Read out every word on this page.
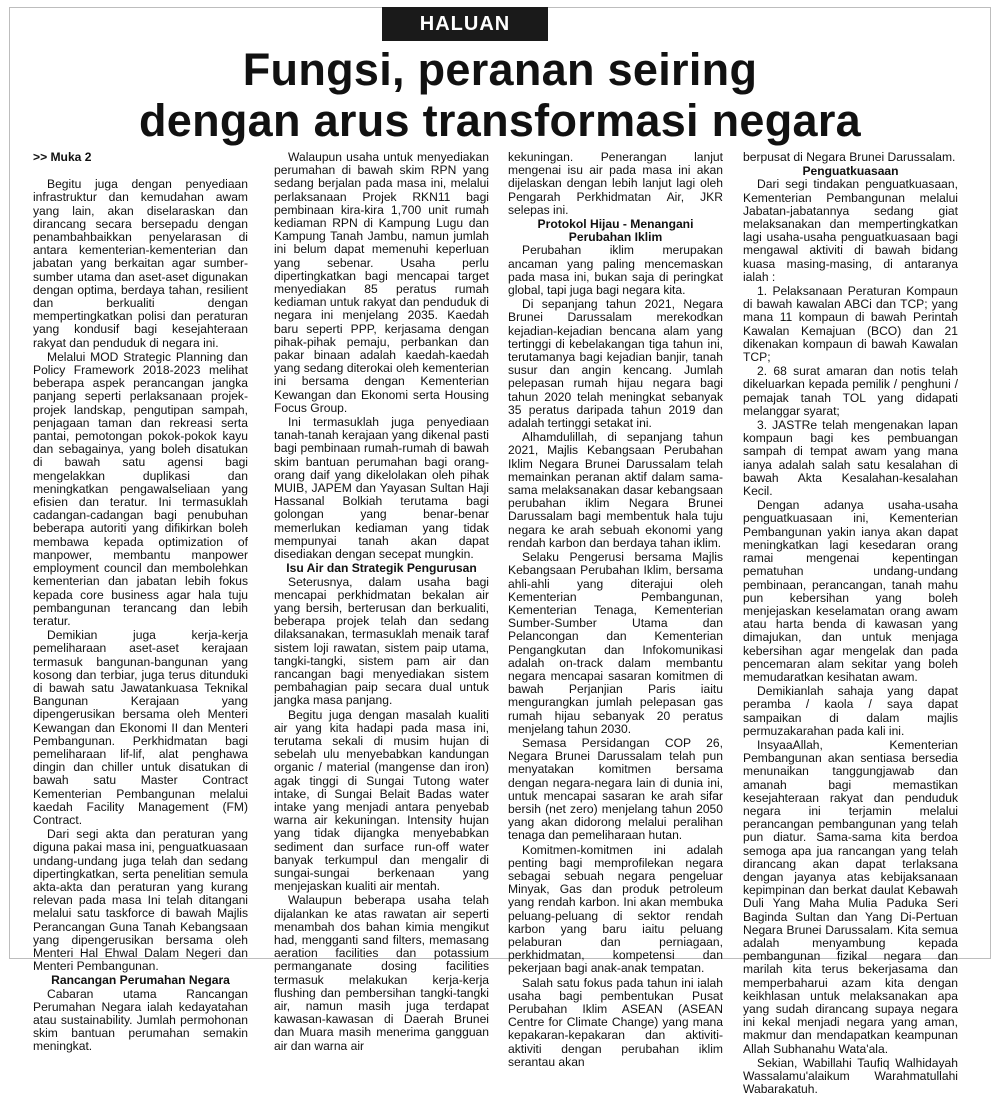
HALUAN
Fungsi, peranan seiring
dengan arus transformasi negara

>> Muka 2

Begitu juga dengan penyediaan infrastruktur dan kemudahan awam yang lain, akan diselaraskan dan dirancang secara bersepadu dengan penambahbaikkan penyelarasan di antara kementerian-kementerian dan jabatan yang berkaitan agar sumber-sumber utama dan aset-aset digunakan dengan optima, berdaya tahan, resilient dan berkualiti dengan mempertingkatkan polisi dan peraturan yang kondusif bagi kesejahteraan rakyat dan penduduk di negara ini.

Melalui MOD Strategic Planning dan Policy Framework 2018-2023 melihat beberapa aspek perancangan jangka panjang seperti perlaksanaan projek-projek landskap, pengutipan sampah, penjagaan taman dan rekreasi serta pantai, pemotongan pokok-pokok kayu dan sebagainya, yang boleh disatukan di bawah satu agensi bagi mengelakkan duplikasi dan meningkatkan pengawalseliaan yang efisien dan teratur. Ini termasuklah cadangan-cadangan bagi penubuhan beberapa autoriti yang difikirkan boleh membawa kepada optimization of manpower, membantu manpower employment council dan membolehkan kementerian dan jabatan lebih fokus kepada core business agar hala tuju pembangunan terancang dan lebih teratur.

Demikian juga kerja-kerja pemeliharaan aset-aset kerajaan termasuk bangunan-bangunan yang kosong dan terbiar, juga terus ditunduki di bawah satu Jawatankuasa Teknikal Bangunan Kerajaan yang dipengerusikan bersama oleh Menteri Kewangan dan Ekonomi II dan Menteri Pembangunan. Perkhidmatan bagi pemeliharaan lif-lif, alat penghawa dingin dan chiller untuk disatukan di bawah satu Master Contract Kementerian Pembangunan melalui kaedah Facility Management (FM) Contract.

Dari segi akta dan peraturan yang diguna pakai masa ini, penguatkuasaan undang-undang juga telah dan sedang dipertingkatkan, serta penelitian semula akta-akta dan peraturan yang kurang relevan pada masa Ini telah ditangani melalui satu taskforce di bawah Majlis Perancangan Guna Tanah Kebangsaan yang dipengerusikan bersama oleh Menteri Hal Ehwal Dalam Negeri dan Menteri Pembangunan.

Rancangan Perumahan Negara

Cabaran utama Rancangan Perumahan Negara ialah kedayatahan atau sustainability. Jumlah permohonan skim bantuan perumahan semakin meningkat.

Walaupun usaha untuk menyediakan perumahan di bawah skim RPN yang sedang berjalan pada masa ini, melalui perlaksanaan Projek RKN11 bagi pembinaan kira-kira 1,700 unit rumah kediaman RPN di Kampung Lugu dan Kampung Tanah Jambu, namun jumlah ini belum dapat memenuhi keperluan yang sebenar. Usaha perlu dipertingkatkan bagi mencapai target menyediakan 85 peratus rumah kediaman untuk rakyat dan penduduk di negara ini menjelang 2035. Kaedah baru seperti PPP, kerjasama dengan pihak-pihak pemaju, perbankan dan pakar binaan adalah kaedah-kaedah yang sedang diterokai oleh kementerian ini bersama dengan Kementerian Kewangan dan Ekonomi serta Housing Focus Group.

Ini termasuklah juga penyediaan tanah-tanah kerajaan yang dikenal pasti bagi pembinaan rumah-rumah di bawah skim bantuan perumahan bagi orang-orang daif yang dikelolakan oleh pihak MUIB, JAPEM dan Yayasan Sultan Haji Hassanal Bolkiah terutama bagi golongan yang benar-benar memerlukan kediaman yang tidak mempunyai tanah akan dapat disediakan dengan secepat mungkin.

Isu Air dan Strategik Pengurusan

Seterusnya, dalam usaha bagi mencapai perkhidmatan bekalan air yang bersih, berterusan dan berkualiti, beberapa projek telah dan sedang dilaksanakan, termasuklah menaik taraf sistem loji rawatan, sistem paip utama, tangki-tangki, sistem pam air dan rancangan bagi menyediakan sistem pembahagian paip secara dual untuk jangka masa panjang.

Begitu juga dengan masalah kualiti air yang kita hadapi pada masa ini, terutama sekali di musim hujan di sebelah ulu menyebabkan kandungan organic / material (mangense dan iron) agak tinggi di Sungai Tutong water intake, di Sungai Belait Badas water intake yang menjadi antara penyebab warna air kekuningan. Intensity hujan yang tidak dijangka menyebabkan sediment dan surface run-off water banyak terkumpul dan mengalir di sungai-sungai berkenaan yang menjejaskan kualiti air mentah.

Walaupun beberapa usaha telah dijalankan ke atas rawatan air seperti menambah dos bahan kimia mengikut had, mengganti sand filters, memasang aeration facilities dan potassium permanganate dosing facilities termasuk melakukan kerja-kerja flushing dan pembersihan tangki-tangki air, namun masih juga terdapat kawasan-kawasan di Daerah Brunei dan Muara masih menerima gangguan air dan warna air

kekuningan. Penerangan lanjut mengenai isu air pada masa ini akan dijelaskan dengan lebih lanjut lagi oleh Pengarah Perkhidmatan Air, JKR selepas ini.

Protokol Hijau - Menangani Perubahan Iklim

Perubahan iklim merupakan ancaman yang paling mencemaskan pada masa ini, bukan saja di peringkat global, tapi juga bagi negara kita.

Di sepanjang tahun 2021, Negara Brunei Darussalam merekodkan kejadian-kejadian bencana alam yang tertinggi di kebelakangan tiga tahun ini, terutamanya bagi kejadian banjir, tanah susur dan angin kencang. Jumlah pelepasan rumah hijau negara bagi tahun 2020 telah meningkat sebanyak 35 peratus daripada tahun 2019 dan adalah tertinggi setakat ini.

Alhamdulillah, di sepanjang tahun 2021, Majlis Kebangsaan Perubahan Iklim Negara Brunei Darussalam telah memainkan peranan aktif dalam sama-sama melaksanakan dasar kebangsaan perubahan iklim Negara Brunei Darussalam bagi membentuk hala tuju negara ke arah sebuah ekonomi yang rendah karbon dan berdaya tahan iklim.

Selaku Pengerusi bersama Majlis Kebangsaan Perubahan Iklim, bersama ahli-ahli yang diterajui oleh Kementerian Pembangunan, Kementerian Tenaga, Kementerian Sumber-Sumber Utama dan Pelancongan dan Kementerian Pengangkutan dan Infokomunikasi adalah on-track dalam membantu negara mencapai sasaran komitmen di bawah Perjanjian Paris iaitu mengurangkan jumlah pelepasan gas rumah hijau sebanyak 20 peratus menjelang tahun 2030.

Semasa Persidangan COP 26, Negara Brunei Darussalam telah pun menyatakan komitmen bersama dengan negara-negara lain di dunia ini, untuk mencapai sasaran ke arah sifar bersih (net zero) menjelang tahun 2050 yang akan didorong melalui peralihan tenaga dan pemeliharaan hutan.

Komitmen-komitmen ini adalah penting bagi memprofilekan negara sebagai sebuah negara pengeluar Minyak, Gas dan produk petroleum yang rendah karbon. Ini akan membuka peluang-peluang di sektor rendah karbon yang baru iaitu peluang pelaburan dan perniagaan, perkhidmatan, kompetensi dan pekerjaan bagi anak-anak tempatan.

Salah satu fokus pada tahun ini ialah usaha bagi pembentukan Pusat Perubahan Iklim ASEAN (ASEAN Centre for Climate Change) yang mana kepakaran-kepakaran dan aktiviti-aktiviti dengan perubahan iklim serantau akan

berpusat di Negara Brunei Darussalam.

Penguatkuasaan

Dari segi tindakan penguatkuasaan, Kementerian Pembangunan melalui Jabatan-jabatannya sedang giat melaksanakan dan mempertingkatkan lagi usaha-usaha penguatkuasaan bagi mengawal aktiviti di bawah bidang kuasa masing-masing, di antaranya ialah :

1. Pelaksanaan Peraturan Kompaun di bawah kawalan ABCi dan TCP; yang mana 11 kompaun di bawah Perintah Kawalan Kemajuan (BCO) dan 21 dikenakan kompaun di bawah Kawalan TCP;

2. 68 surat amaran dan notis telah dikeluarkan kepada pemilik / penghuni / pemajak tanah TOL yang didapati melanggar syarat;

3. JASTRe telah mengenakan lapan kompaun bagi kes pembuangan sampah di tempat awam yang mana ianya adalah salah satu kesalahan di bawah Akta Kesalahan-kesalahan Kecil.

Dengan adanya usaha-usaha penguatkuasaan ini, Kementerian Pembangunan yakin ianya akan dapat meningkatkan lagi kesedaran orang ramai mengenai kepentingan pematuhan undang-undang pembinaan, perancangan, tanah mahu pun kebersihan yang boleh menjejaskan keselamatan orang awam atau harta benda di kawasan yang dimajukan, dan untuk menjaga kebersihan agar mengelak dan pada pencemaran alam sekitar yang boleh memudaratkan kesihatan awam.

Demikianlah sahaja yang dapat peramba / kaola / saya dapat sampaikan di dalam majlis permuzakarahan pada kali ini.

InsyaaAllah, Kementerian Pembangunan akan sentiasa bersedia menunaikan tanggungjawab dan amanah bagi memastikan kesejahteraan rakyat dan penduduk negara ini terjamin melalui perancangan pembangunan yang telah pun diatur. Sama-sama kita berdoa semoga apa jua rancangan yang telah dirancang akan dapat terlaksana dengan jayanya atas kebijaksanaan kepimpinan dan berkat daulat Kebawah Duli Yang Maha Mulia Paduka Seri Baginda Sultan dan Yang Di-Pertuan Negara Brunei Darussalam. Kita semua adalah menyambung kepada pembangunan fizikal negara dan marilah kita terus bekerjasama dan memperbaharui azam kita dengan keikhlasan untuk melaksanakan apa yang sudah dirancang supaya negara ini kekal menjadi negara yang aman, makmur dan mendapatkan keampunan Allah Subhanahu Wata'ala.

Sekian, Wabillahi Taufiq Walhidayah Wassalamu'alaikum Warahmatullahi Wabarakatuh.
